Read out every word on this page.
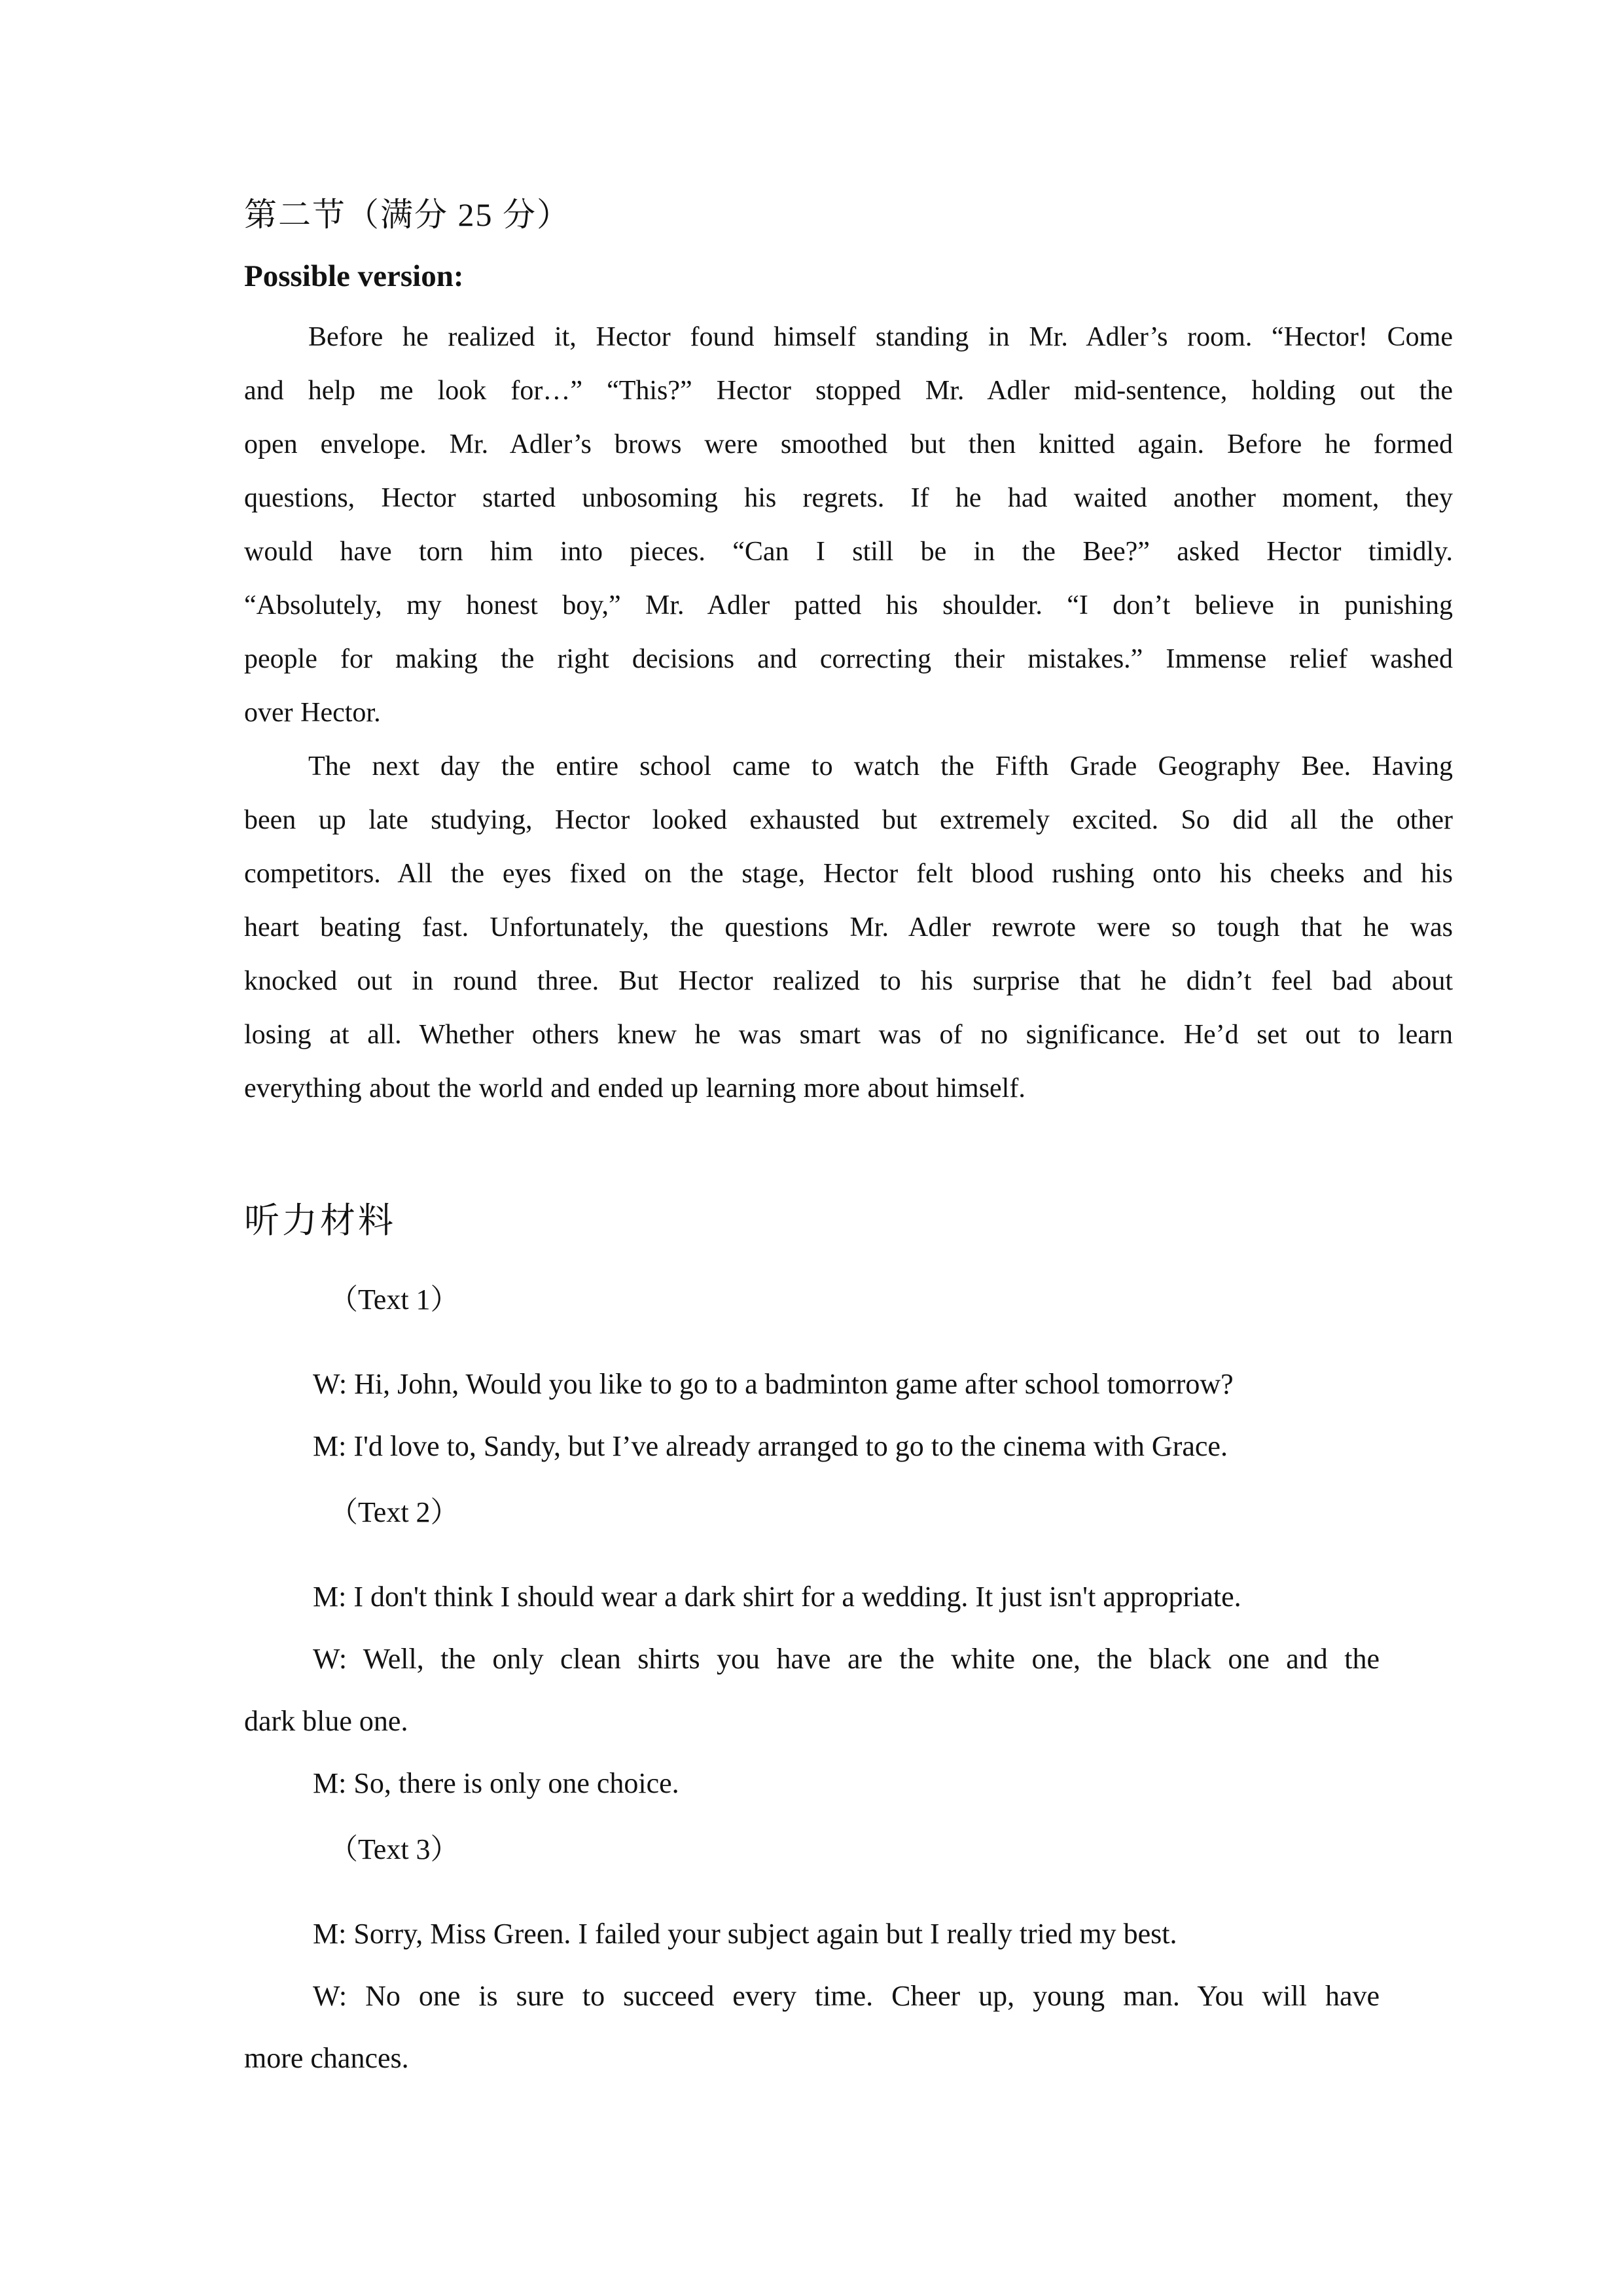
第二节（满分 25 分）
Possible version:
Before he realized it, Hector found himself standing in Mr. Adler’s room. “Hector! Come
and help me look for…” “This?” Hector stopped Mr. Adler mid-sentence, holding out the
open envelope. Mr. Adler’s brows were smoothed but then knitted again. Before he formed
questions, Hector started unbosoming his regrets. If he had waited another moment, they
would have torn him into pieces. “Can I still be in the Bee?” asked Hector timidly.
“Absolutely, my honest boy,” Mr. Adler patted his shoulder. “I don’t believe in punishing
people for making the right decisions and correcting their mistakes.” Immense relief washed
over Hector.
The next day the entire school came to watch the Fifth Grade Geography Bee. Having
been up late studying, Hector looked exhausted but extremely excited. So did all the other
competitors. All the eyes fixed on the stage, Hector felt blood rushing onto his cheeks and his
heart beating fast. Unfortunately, the questions Mr. Adler rewrote were so tough that he was
knocked out in round three. But Hector realized to his surprise that he didn’t feel bad about
losing at all. Whether others knew he was smart was of no significance. He’d set out to learn
everything about the world and ended up learning more about himself.
听力材料
（Text 1）
W: Hi, John, Would you like to go to a badminton game after school tomorrow?
M: I'd love to, Sandy, but I’ve already arranged to go to the cinema with Grace.
（Text 2）
M: I don't think I should wear a dark shirt for a wedding. It just isn't appropriate.
W: Well, the only clean shirts you have are the white one, the black one and the
dark blue one.
M: So, there is only one choice.
（Text 3）
M: Sorry, Miss Green. I failed your subject again but I really tried my best.
W: No one is sure to succeed every time. Cheer up, young man. You will have
more chances.
